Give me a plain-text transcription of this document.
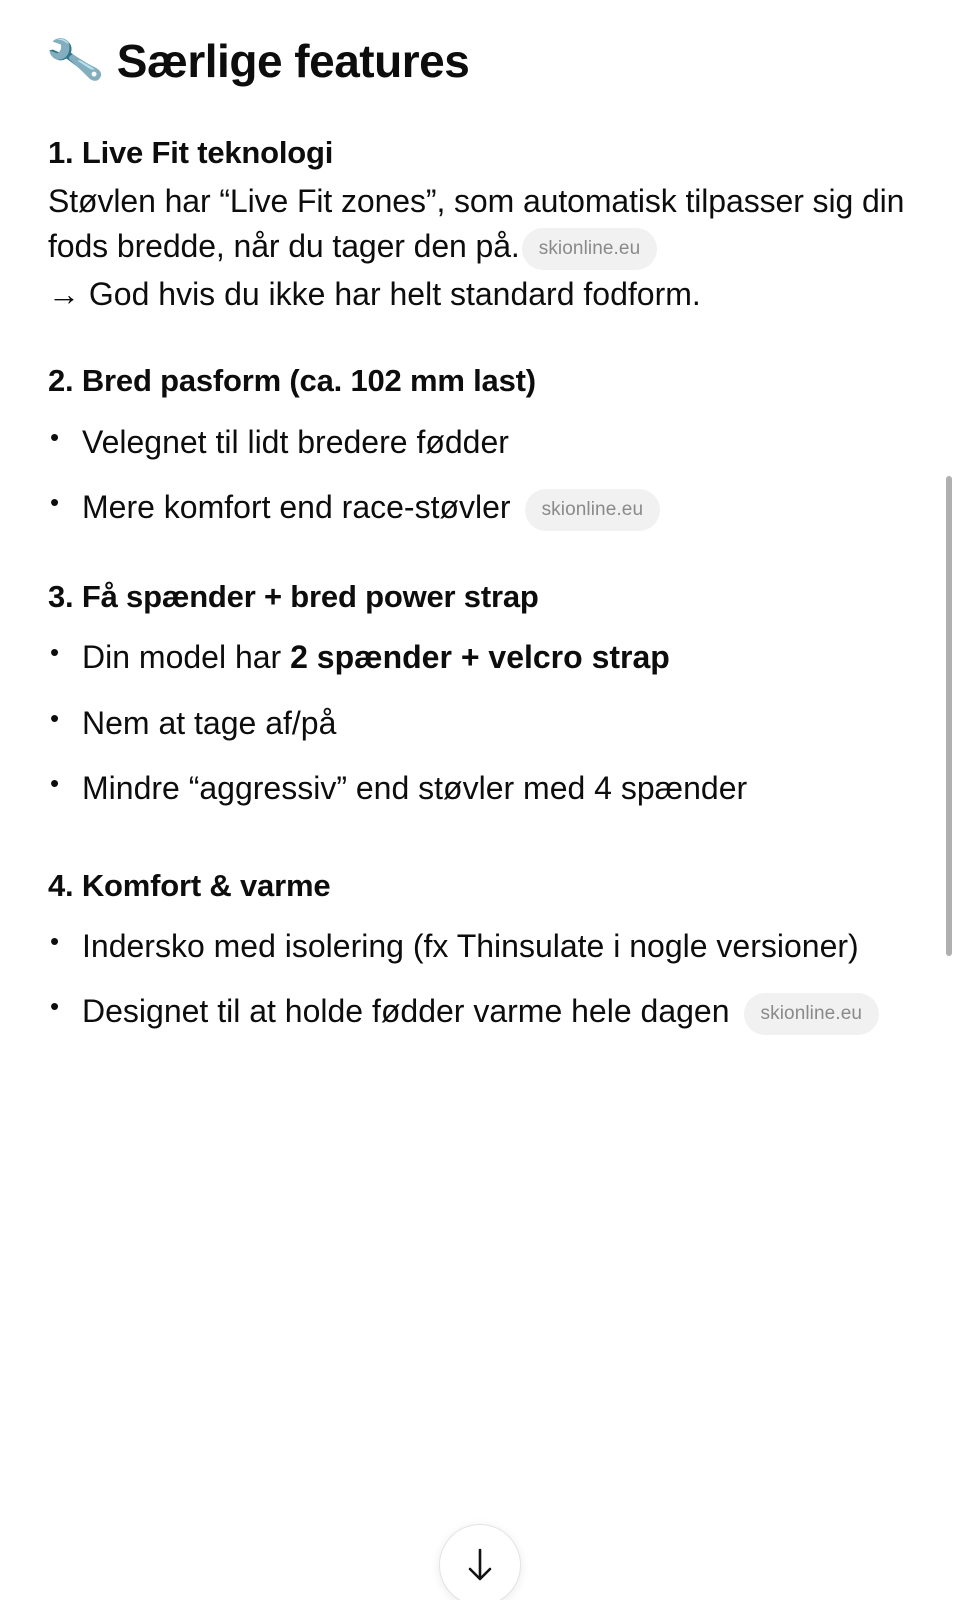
🔧 Særlige features
1. Live Fit teknologi
Støvlen har “Live Fit zones”, som automatisk tilpasser sig din fods bredde, når du tager den på. skionline.eu
→ God hvis du ikke har helt standard fodform.
2. Bred pasform (ca. 102 mm last)
• Velegnet til lidt bredere fødder
• Mere komfort end race-støvler skionline.eu
3. Få spænder + bred power strap
• Din model har 2 spænder + velcro strap
• Nem at tage af/på
• Mindre “aggressiv” end støvler med 4 spænder
4. Komfort & varme
• Indersko med isolering (fx Thinsulate i nogle versioner)
• Designet til at holde fødder varme hele dagen skionline.eu
